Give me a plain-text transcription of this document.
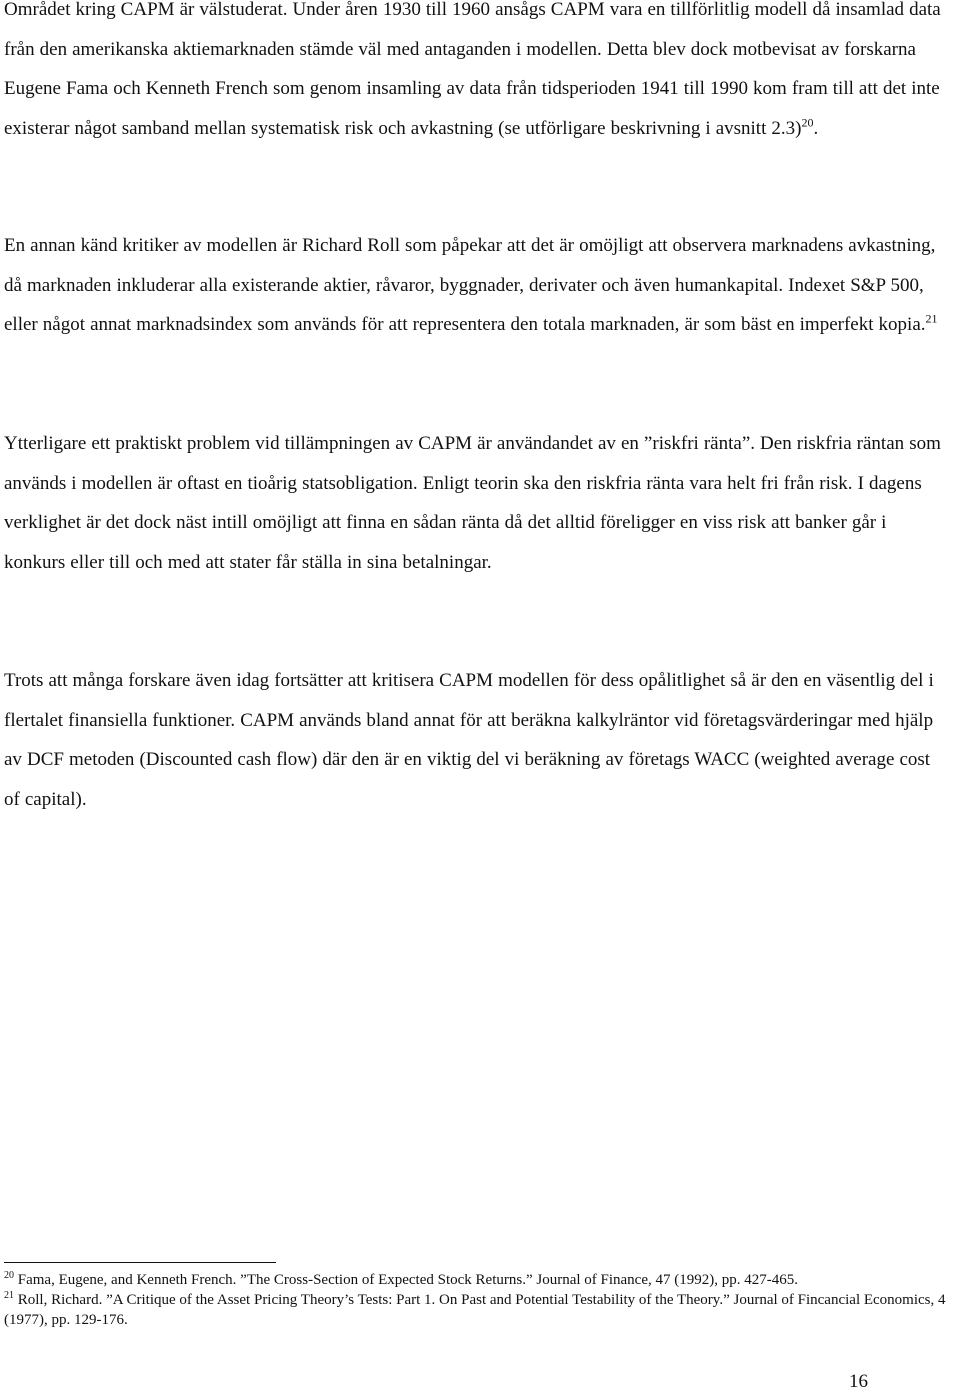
Området kring CAPM är välstuderat. Under åren 1930 till 1960 ansågs CAPM vara en tillförlitlig modell då insamlad data från den amerikanska aktiemarknaden stämde väl med antaganden i modellen. Detta blev dock motbevisat av forskarna Eugene Fama och Kenneth French som genom insamling av data från tidsperioden 1941 till 1990 kom fram till att det inte existerar något samband mellan systematisk risk och avkastning (se utförligare beskrivning i avsnitt 2.3)$^{20}$.

En annan känd kritiker av modellen är Richard Roll som påpekar att det är omöjligt att observera marknadens avkastning, då marknaden inkluderar alla existerande aktier, råvaror, byggnader, derivater och även humankapital. Indexet S&P 500, eller något annat marknadsindex som används för att representera den totala marknaden, är som bäst en imperfekt kopia.$^{21}$

Ytterligare ett praktiskt problem vid tillämpningen av CAPM är användandet av en ”riskfri ränta”. Den riskfria räntan som används i modellen är oftast en tioårig statsobligation. Enligt teorin ska den riskfria ränta vara helt fri från risk. I dagens verklighet är det dock näst intill omöjligt att finna en sådan ränta då det alltid föreligger en viss risk att banker går i konkurs eller till och med att stater får ställa in sina betalningar.

Trots att många forskare även idag fortsätter att kritisera CAPM modellen för dess opålitlighet så är den en väsentlig del i flertalet finansiella funktioner. CAPM används bland annat för att beräkna kalkylräntor vid företagsvärderingar med hjälp av DCF metoden (Discounted cash flow) där den är en viktig del vi beräkning av företags WACC (weighted average cost of capital).

$^{20}$ Fama, Eugene, and Kenneth French. ”The Cross-Section of Expected Stock Returns.” Journal of Finance, 47 (1992), pp. 427-465.

$^{21}$ Roll, Richard. ”A Critique of the Asset Pricing Theory’s Tests: Part 1. On Past and Potential Testability of the Theory.” Journal of Fincancial Economics, 4 (1977), pp. 129-176.

16
